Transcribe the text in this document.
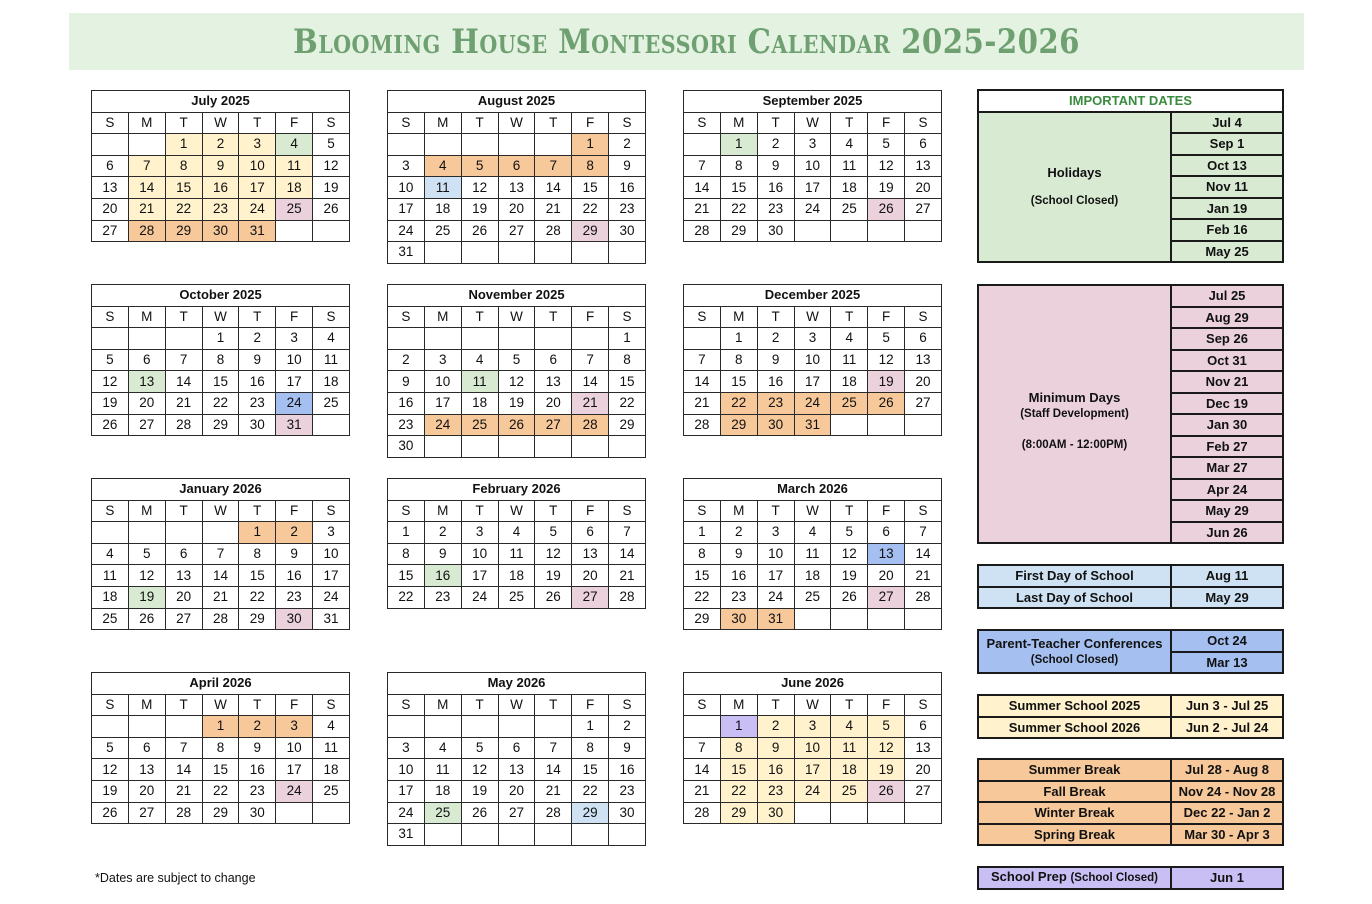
Blooming House Montessori Calendar 2025-2026
July 2025						
S	M	T	W	T	F	S
		1	2	3	4	5
6	7	8	9	10	11	12
13	14	15	16	17	18	19
20	21	22	23	24	25	26
27	28	29	30	31		
August 2025						
S	M	T	W	T	F	S
					1	2
3	4	5	6	7	8	9
10	11	12	13	14	15	16
17	18	19	20	21	22	23
24	25	26	27	28	29	30
31						
September 2025						
S	M	T	W	T	F	S
	1	2	3	4	5	6
7	8	9	10	11	12	13
14	15	16	17	18	19	20
21	22	23	24	25	26	27
28	29	30				
October 2025						
S	M	T	W	T	F	S
			1	2	3	4
5	6	7	8	9	10	11
12	13	14	15	16	17	18
19	20	21	22	23	24	25
26	27	28	29	30	31	
November 2025						
S	M	T	W	T	F	S
						1
2	3	4	5	6	7	8
9	10	11	12	13	14	15
16	17	18	19	20	21	22
23	24	25	26	27	28	29
30						
December 2025						
S	M	T	W	T	F	S
	1	2	3	4	5	6
7	8	9	10	11	12	13
14	15	16	17	18	19	20
21	22	23	24	25	26	27
28	29	30	31			
January 2026						
S	M	T	W	T	F	S
				1	2	3
4	5	6	7	8	9	10
11	12	13	14	15	16	17
18	19	20	21	22	23	24
25	26	27	28	29	30	31
February 2026						
S	M	T	W	T	F	S
1	2	3	4	5	6	7
8	9	10	11	12	13	14
15	16	17	18	19	20	21
22	23	24	25	26	27	28
March 2026						
S	M	T	W	T	F	S
1	2	3	4	5	6	7
8	9	10	11	12	13	14
15	16	17	18	19	20	21
22	23	24	25	26	27	28
29	30	31				
April 2026						
S	M	T	W	T	F	S
			1	2	3	4
5	6	7	8	9	10	11
12	13	14	15	16	17	18
19	20	21	22	23	24	25
26	27	28	29	30		
May 2026						
S	M	T	W	T	F	S
					1	2
3	4	5	6	7	8	9
10	11	12	13	14	15	16
17	18	19	20	21	22	23
24	25	26	27	28	29	30
31						
June 2026						
S	M	T	W	T	F	S
	1	2	3	4	5	6
7	8	9	10	11	12	13
14	15	16	17	18	19	20
21	22	23	24	25	26	27
28	29	30				
IMPORTANT DATES

Holidays
(School Closed)
	Jul 4
Sep 1
Oct 13
Nov 11
Jan 19
Feb 16
May 25
Minimum Days
(Staff Development)
(8:00AM - 12:00PM)
	Jul 25
Aug 29
Sep 26
Oct 31
Nov 21
Dec 19
Jan 30
Feb 27
Mar 27
Apr 24
May 29
Jun 26
First Day of School	Aug 11
Last Day of School	May 29
Parent-Teacher Conferences
(School Closed)
	Oct 24
Mar 13
Summer School 2025	Jun 3 - Jul 25
Summer School 2026	Jun 2 - Jul 24
Summer Break	Jul 28 - Aug 8
Fall Break	Nov 24 - Nov 28
Winter Break	Dec 22 - Jan 2
Spring Break	Mar 30 - Apr 3
School Prep (School Closed)	Jun 1
*Dates are subject to change
